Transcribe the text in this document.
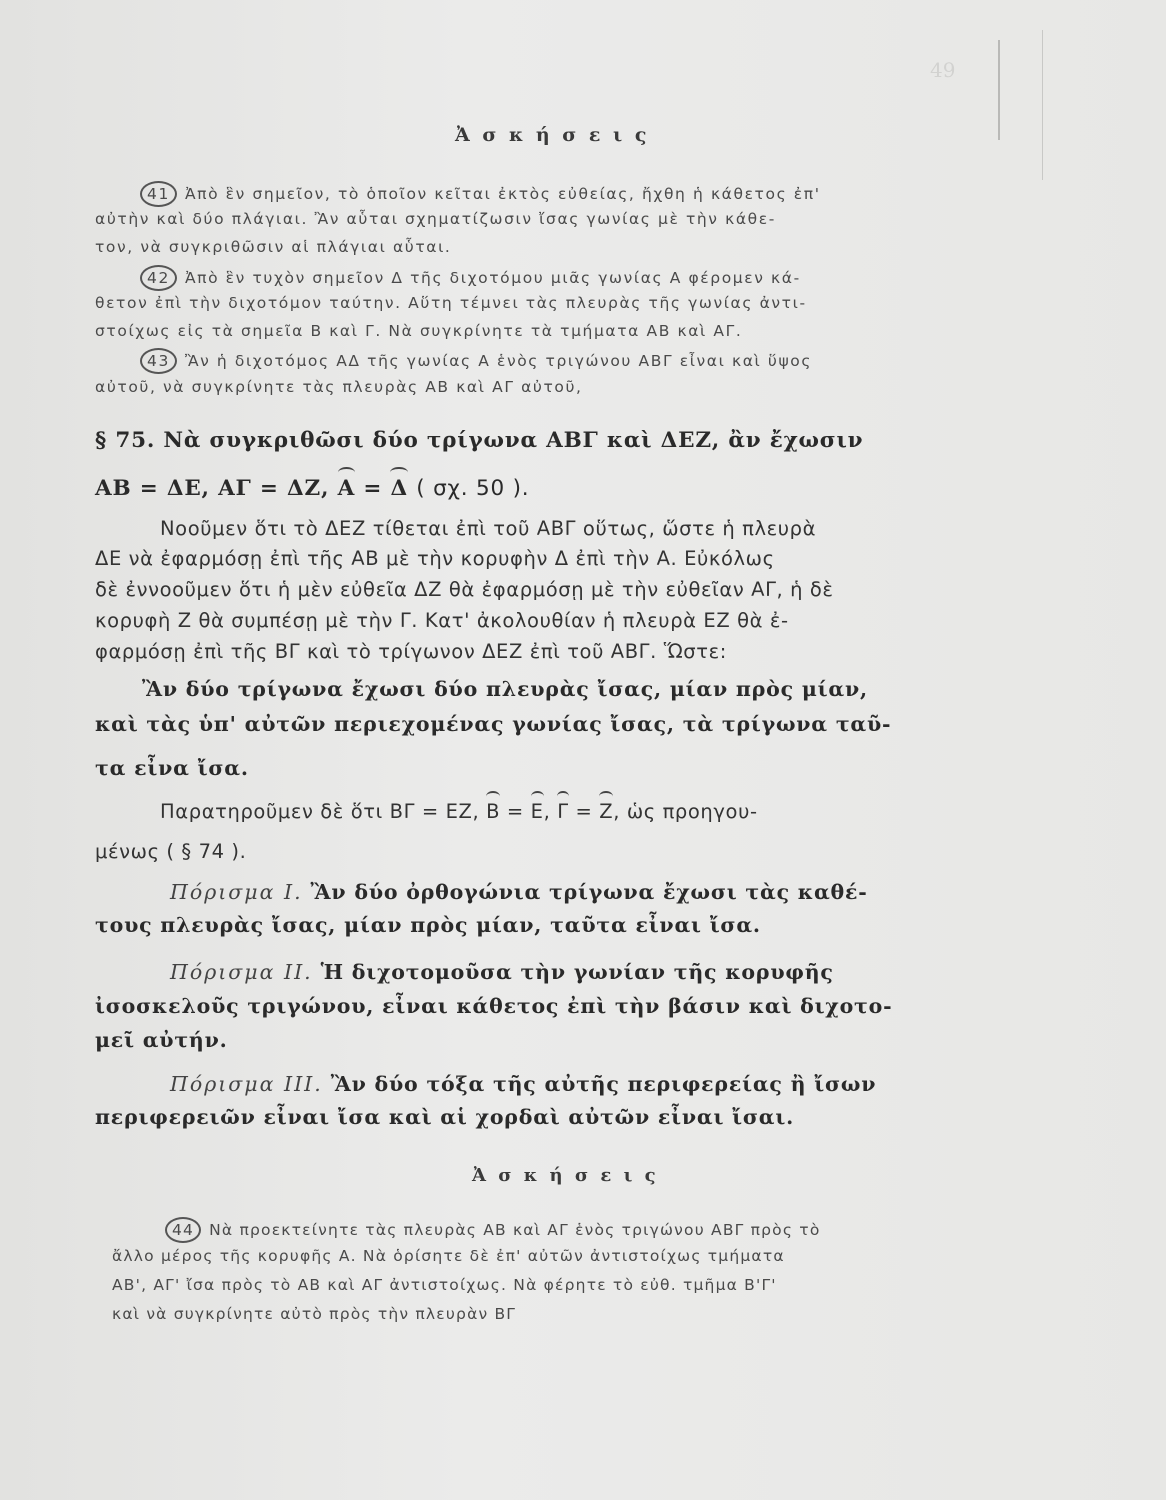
49
Ἀ σ κ ή σ ε ι ς
41 Ἀπὸ ἓν σημεῖον, τὸ ὁποῖον κεῖται ἐκτὸς εὐθείας, ἤχθη ἡ κάθετος ἐπ'
αὐτὴν καὶ δύο πλάγιαι. Ἂν αὗται σχηματίζωσιν ἴσας γωνίας μὲ τὴν κάθε-
τον, νὰ συγκριθῶσιν αἱ πλάγιαι αὗται.
42 Ἀπὸ ἓν τυχὸν σημεῖον Δ τῆς διχοτόμου μιᾶς γωνίας Α φέρομεν κά-
θετον ἐπὶ τὴν διχοτόμον ταύτην. Αὕτη τέμνει τὰς πλευρὰς τῆς γωνίας ἀντι-
στοίχως εἰς τὰ σημεῖα Β καὶ Γ. Νὰ συγκρίνητε τὰ τμήματα ΑΒ καὶ ΑΓ.
43 Ἂν ἡ διχοτόμος ΑΔ τῆς γωνίας Α ἑνὸς τριγώνου ΑΒΓ εἶναι καὶ ὕψος
αὐτοῦ, νὰ συγκρίνητε τὰς πλευρὰς ΑΒ καὶ ΑΓ αὐτοῦ,
§ 75. Νὰ συγκριθῶσι δύο τρίγωνα ΑΒΓ καὶ ΔΕΖ, ἂν ἔχωσιν
ΑΒ = ΔΕ, ΑΓ = ΔΖ, Α = Δ ( σχ. 50 ).
Νοοῦμεν ὅτι τὸ ΔΕΖ τίθεται ἐπὶ τοῦ ΑΒΓ οὕτως, ὥστε ἡ πλευρὰ
ΔΕ νὰ ἐφαρμόσῃ ἐπὶ τῆς ΑΒ μὲ τὴν κορυφὴν Δ ἐπὶ τὴν Α. Εὐκόλως
δὲ ἐννοοῦμεν ὅτι ἡ μὲν εὐθεῖα ΔΖ θὰ ἐφαρμόσῃ μὲ τὴν εὐθεῖαν ΑΓ, ἡ δὲ
κορυφὴ Ζ θὰ συμπέσῃ μὲ τὴν Γ. Κατ' ἀκολουθίαν ἡ πλευρὰ ΕΖ θὰ ἐ-
φαρμόσῃ ἐπὶ τῆς ΒΓ καὶ τὸ τρίγωνον ΔΕΖ ἐπὶ τοῦ ΑΒΓ. Ὥστε:
Ἂν δύο τρίγωνα ἔχωσι δύο πλευρὰς ἴσας, μίαν πρὸς μίαν,
καὶ τὰς ὑπ' αὐτῶν περιεχομένας γωνίας ἴσας, τὰ τρίγωνα ταῦ-
τα εἶνα ἴσα.
Παρατηροῦμεν δὲ ὅτι ΒΓ = ΕΖ, Β = Ε, Γ = Ζ, ὡς προηγου-
μένως ( § 74 ).
Πόρισμα Ι. Ἂν δύο ὀρθογώνια τρίγωνα ἔχωσι τὰς καθέ-
τους πλευρὰς ἴσας, μίαν πρὸς μίαν, ταῦτα εἶναι ἴσα.
Πόρισμα ΙΙ. Ἡ διχοτομοῦσα τὴν γωνίαν τῆς κορυφῆς
ἰσοσκελοῦς τριγώνου, εἶναι κάθετος ἐπὶ τὴν βάσιν καὶ διχοτο-
μεῖ αὐτήν.
Πόρισμα ΙΙΙ. Ἂν δύο τόξα τῆς αὐτῆς περιφερείας ἢ ἴσων
περιφερειῶν εἶναι ἴσα καὶ αἱ χορδαὶ αὐτῶν εἶναι ἴσαι.
Ἀ σ κ ή σ ε ι ς
44 Νὰ προεκτείνητε τὰς πλευρὰς ΑΒ καὶ ΑΓ ἑνὸς τριγώνου ΑΒΓ πρὸς τὸ
ἄλλο μέρος τῆς κορυφῆς Α. Νὰ ὁρίσητε δὲ ἐπ' αὐτῶν ἀντιστοίχως τμήματα
ΑΒ', ΑΓ' ἴσα πρὸς τὸ ΑΒ καὶ ΑΓ ἀντιστοίχως. Νὰ φέρητε τὸ εὐθ. τμῆμα Β'Γ'
καὶ νὰ συγκρίνητε αὐτὸ πρὸς τὴν πλευρὰν ΒΓ
